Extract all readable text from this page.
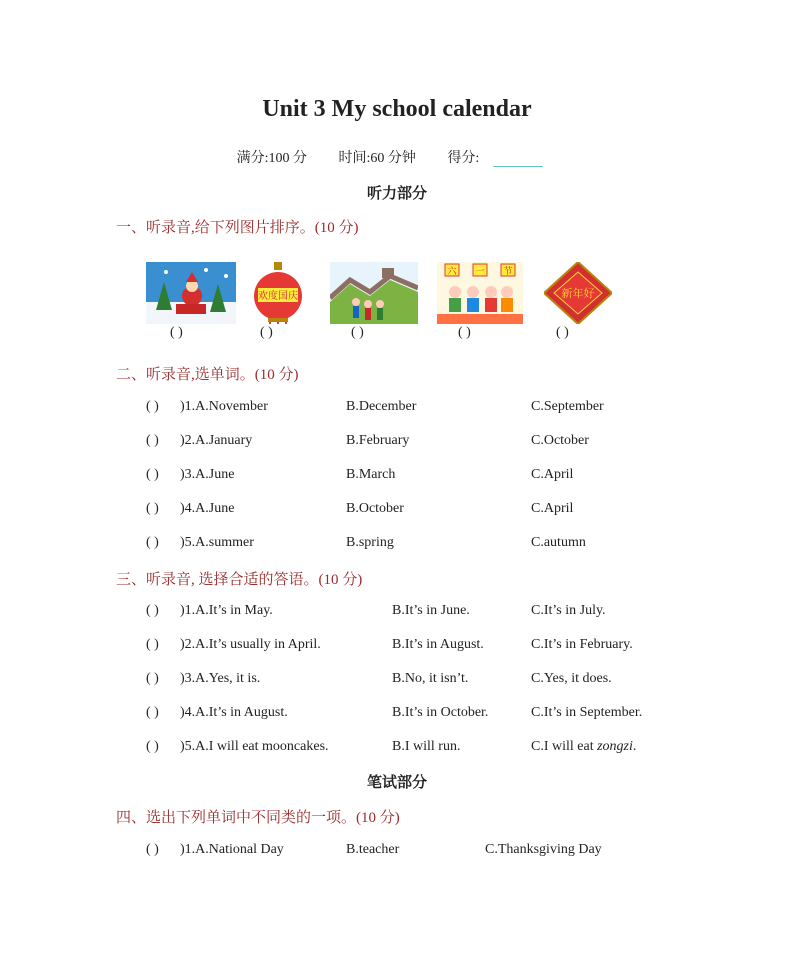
Unit 3 My school calendar
满分:100 分 时间:60 分钟 得分:
听力部分
一、听录音,给下列图片排序。(10 分)
欢度国庆
六 一 节
新年好
( )	( )	( )	( )	( )
二、听录音,选单词。(10 分)
( ) )1.A.November	B.December	C.September
( ) )2.A.January	B.February	C.October
( ) )3.A.June	B.March	C.April
( ) )4.A.June	B.October	C.April
( ) )5.A.summer	B.spring	C.autumn
三、听录音, 选择合适的答语。(10 分)
( ) )1.A.It’s in May.	B.It’s in June.	C.It’s in July.
( ) )2.A.It’s usually in April.	B.It’s in August.	C.It’s in February.
( ) )3.A.Yes, it is.	B.No, it isn’t.	C.Yes, it does.
( ) )4.A.It’s in August.	B.It’s in October.	C.It’s in September.
( ) )5.A.I will eat mooncakes.	B.I will run.	C.I will eat zongzi.
笔试部分
四、选出下列单词中不同类的一项。(10 分)
( ) )1.A.National Day	B.teacher	C.Thanksgiving Day
